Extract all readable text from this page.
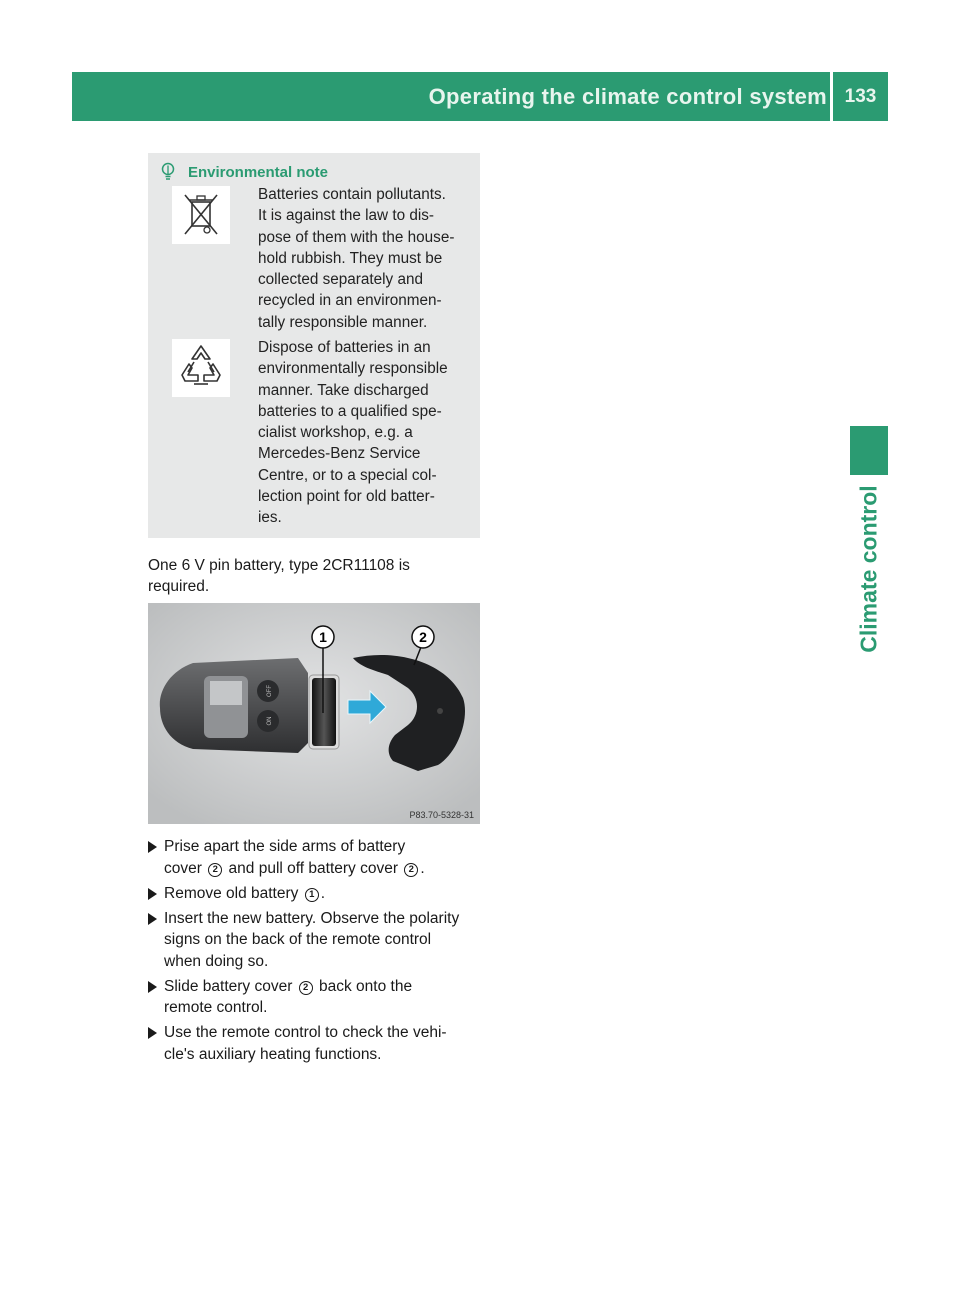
Operating the climate control system 133
Climate control
Environmental note

Batteries contain pollutants.
It is against the law to dis-
pose of them with the house-
hold rubbish. They must be
collected separately and
recycled in an environmen-
tally responsible manner.

Dispose of batteries in an
environmentally responsible
manner. Take discharged
batteries to a qualified spe-
cialist workshop, e.g. a
Mercedes-Benz Service
Centre, or to a special col-
lection point for old batter-
ies.

One 6 V pin battery, type 2CR11108 is
required.

OFF
ON
1	2
P83.70-5328-31
Prise apart the side arms of battery
cover 2 and pull off battery cover 2 .
Remove old battery 1 .
Insert the new battery. Observe the polarity
signs on the back of the remote control
when doing so.
Slide battery cover 2 back onto the
remote control.
Use the remote control to check the vehi-
cle's auxiliary heating functions.
